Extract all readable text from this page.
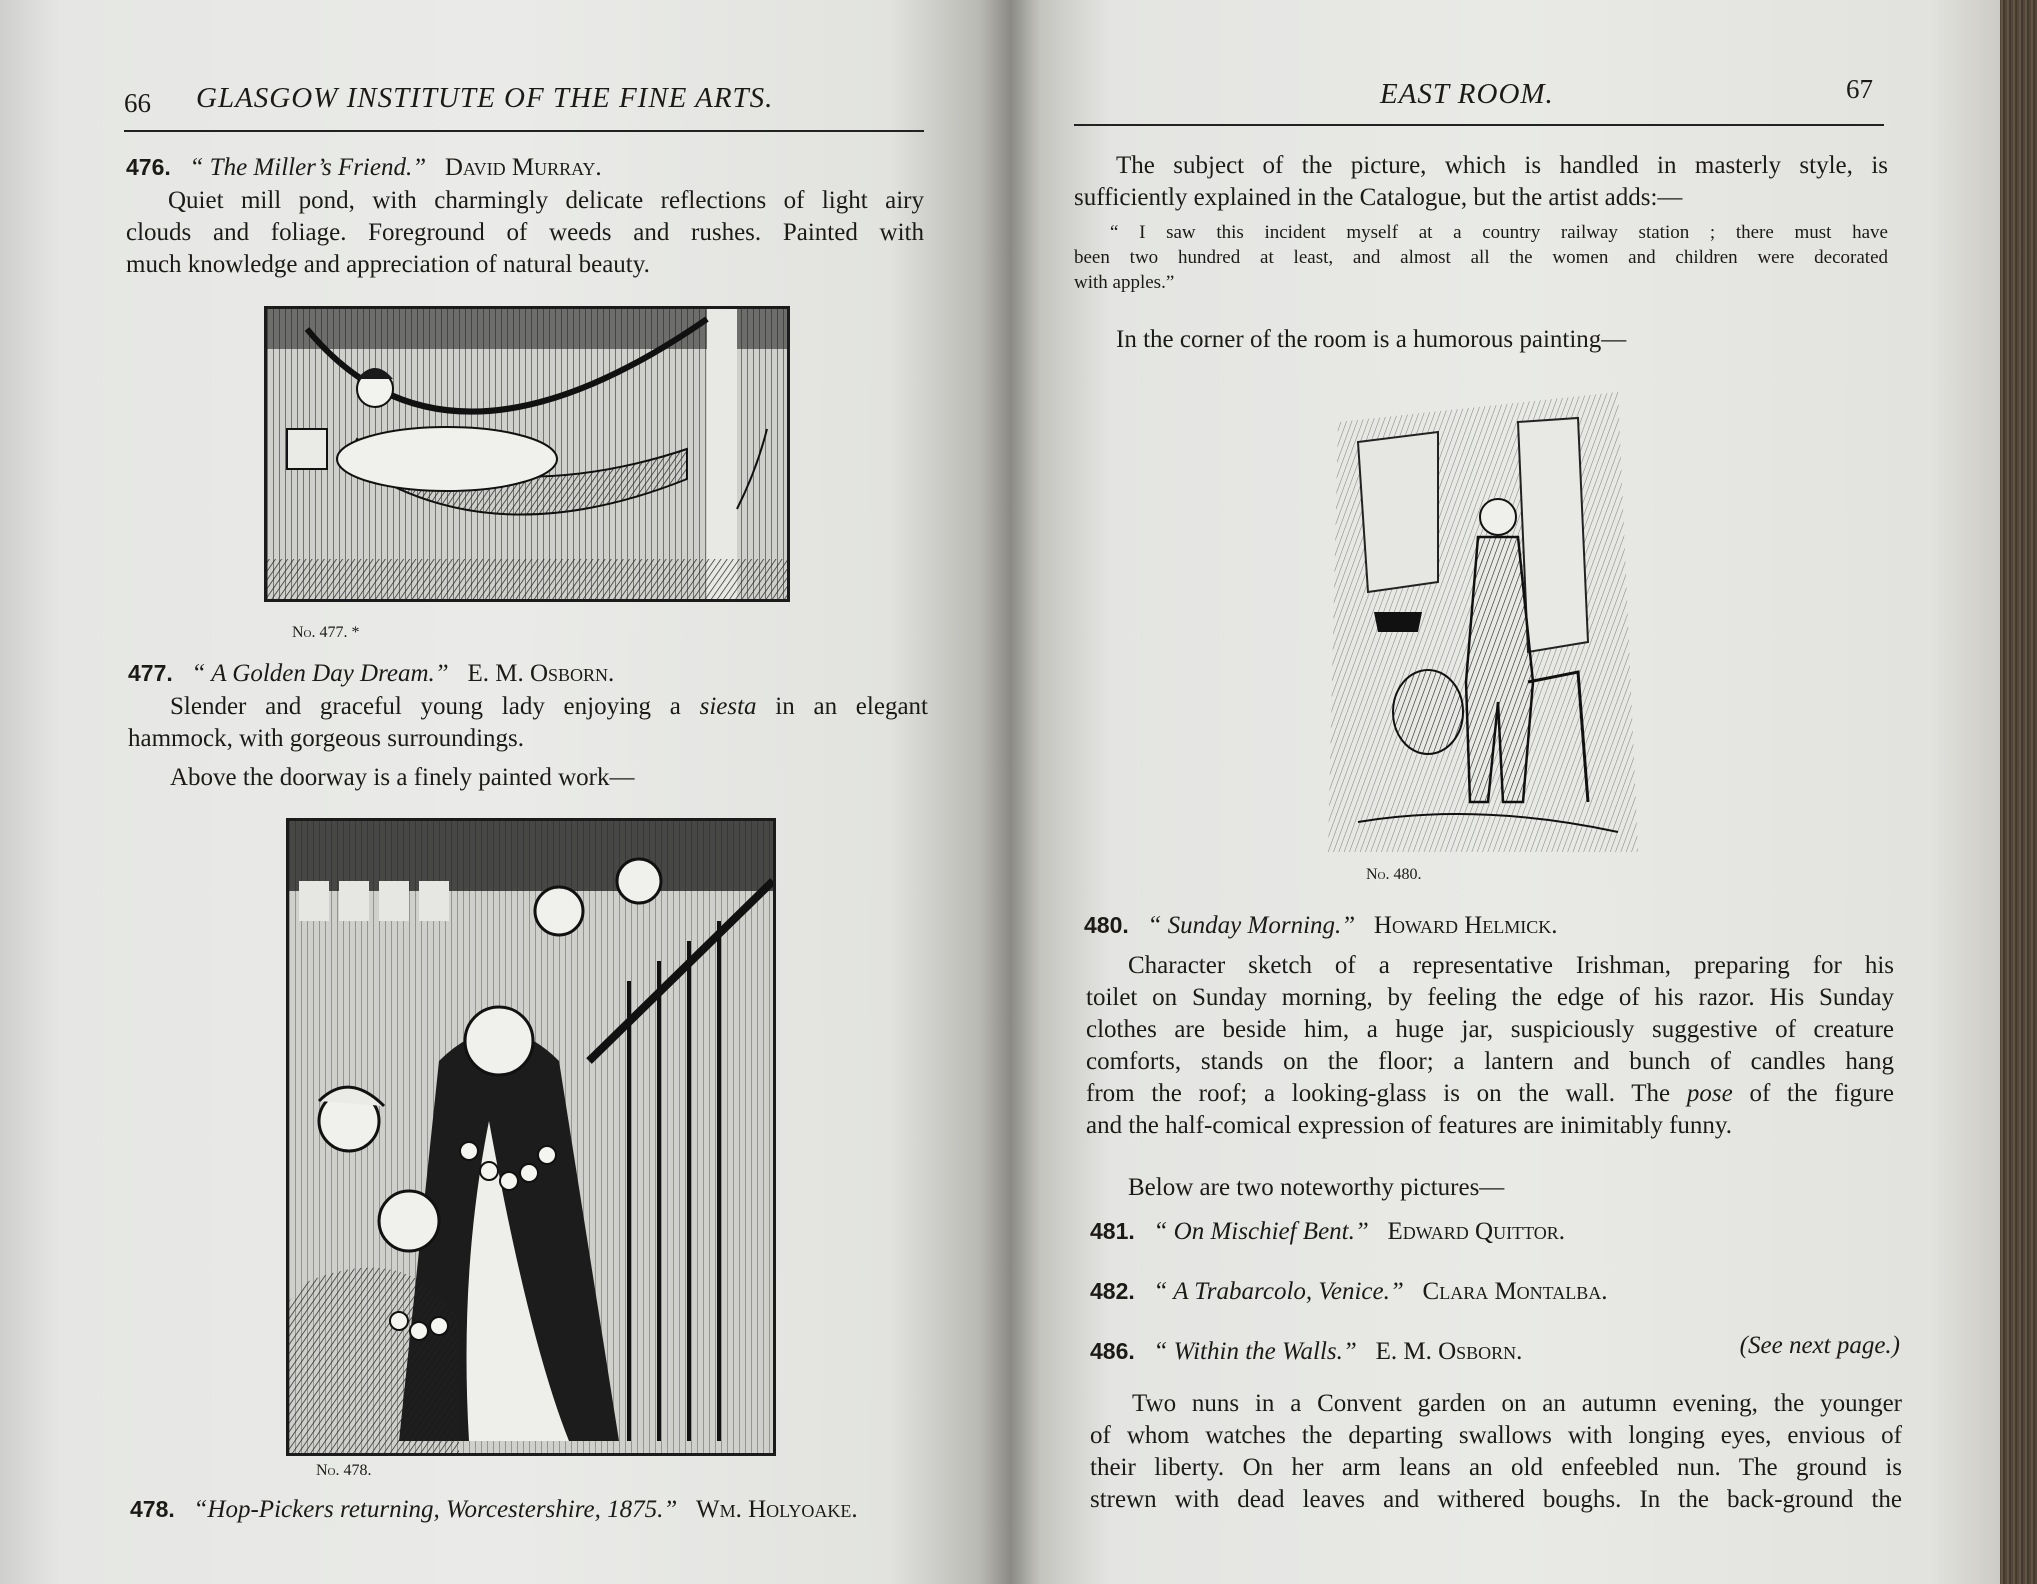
66 GLASGOW INSTITUTE OF THE FINE ARTS.
476. “ The Miller’s Friend.” David Murray.
Quiet mill pond, with charmingly delicate reflections of light airy
clouds and foliage. Foreground of weeds and rushes. Painted with
much knowledge and appreciation of natural beauty.
No. 477. *
477. “ A Golden Day Dream.” E. M. Osborn.
Slender and graceful young lady enjoying a siesta in an elegant
hammock, with gorgeous surroundings.
Above the doorway is a finely painted work—
No. 478.
478. “Hop-Pickers returning, Worcestershire, 1875.” Wm. Holyoake.
EAST ROOM.	67
The subject of the picture, which is handled in masterly style, is
sufficiently explained in the Catalogue, but the artist adds:—
“ I saw this incident myself at a country railway station ; there must have
been two hundred at least, and almost all the women and children were decorated
with apples.”
In the corner of the room is a humorous painting—
No. 480.
480. “ Sunday Morning.” Howard Helmick.
Character sketch of a representative Irishman, preparing for his
toilet on Sunday morning, by feeling the edge of his razor. His Sunday
clothes are beside him, a huge jar, suspiciously suggestive of creature
comforts, stands on the floor; a lantern and bunch of candles hang
from the roof; a looking-glass is on the wall. The pose of the figure
and the half-comical expression of features are inimitably funny.
Below are two noteworthy pictures—
481. “ On Mischief Bent.” Edward Quittor.
482. “ A Trabarcolo, Venice.” Clara Montalba.
486. “ Within the Walls.” E. M. Osborn.	(See next page.)
Two nuns in a Convent garden on an autumn evening, the younger
of whom watches the departing swallows with longing eyes, envious of
their liberty. On her arm leans an old enfeebled nun. The ground is
strewn with dead leaves and withered boughs. In the back-ground the
